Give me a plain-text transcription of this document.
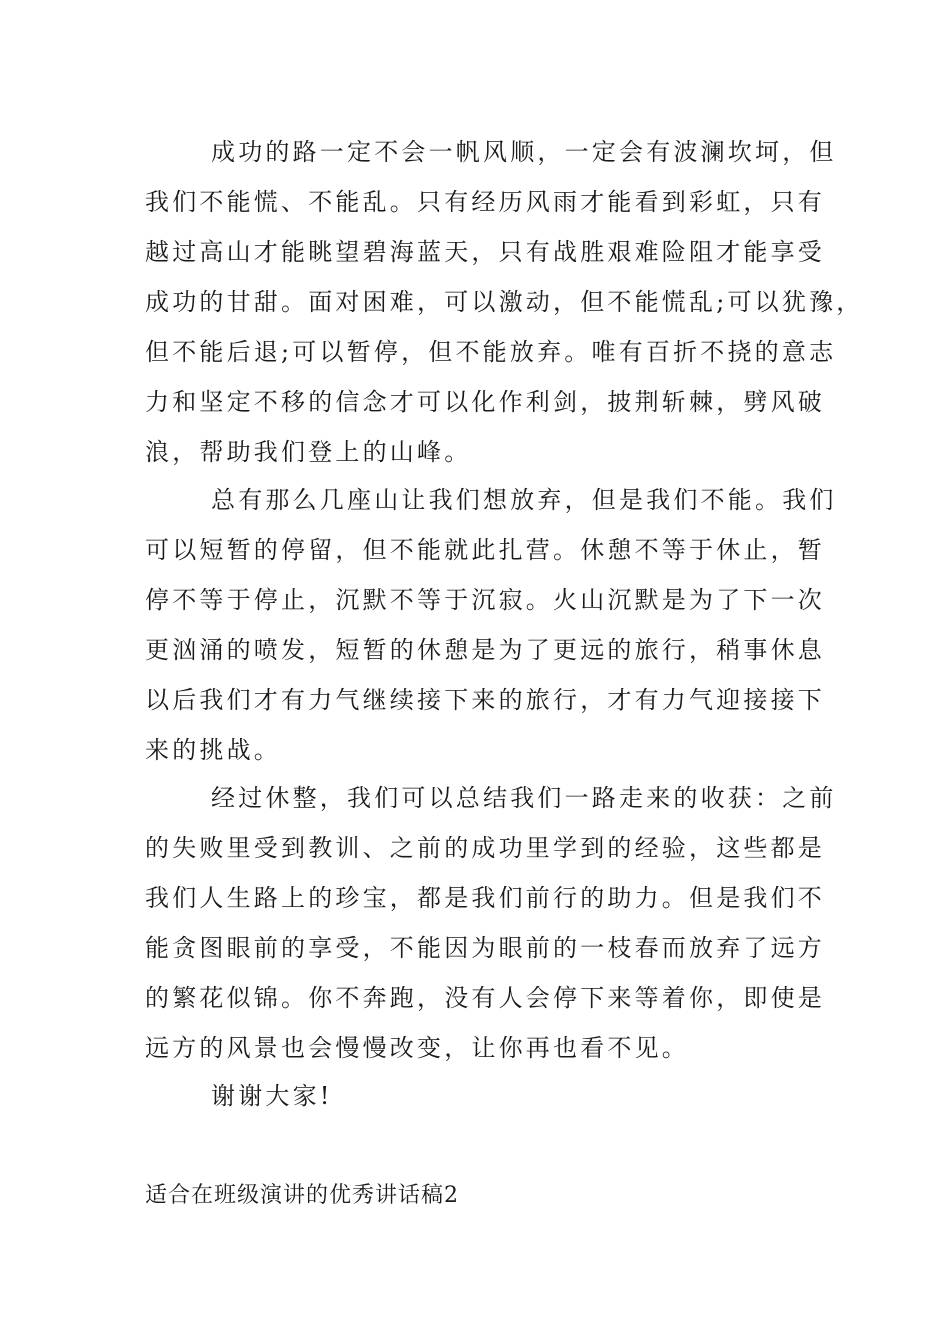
成功的路一定不会一帆风顺，一定会有波澜坎坷，但
我们不能慌、不能乱。只有经历风雨才能看到彩虹，只有
越过高山才能眺望碧海蓝天，只有战胜艰难险阻才能享受
成功的甘甜。面对困难，可以激动，但不能慌乱;可以犹豫，
但不能后退;可以暂停，但不能放弃。唯有百折不挠的意志
力和坚定不移的信念才可以化作利剑，披荆斩棘，劈风破
浪，帮助我们登上的山峰。
总有那么几座山让我们想放弃，但是我们不能。我们
可以短暂的停留，但不能就此扎营。休憩不等于休止，暂
停不等于停止，沉默不等于沉寂。火山沉默是为了下一次
更汹涌的喷发，短暂的休憩是为了更远的旅行，稍事休息
以后我们才有力气继续接下来的旅行，才有力气迎接接下
来的挑战。
经过休整，我们可以总结我们一路走来的收获：之前
的失败里受到教训、之前的成功里学到的经验，这些都是
我们人生路上的珍宝，都是我们前行的助力。但是我们不
能贪图眼前的享受，不能因为眼前的一枝春而放弃了远方
的繁花似锦。你不奔跑，没有人会停下来等着你，即使是
远方的风景也会慢慢改变，让你再也看不见。
谢谢大家!
适合在班级演讲的优秀讲话稿2
